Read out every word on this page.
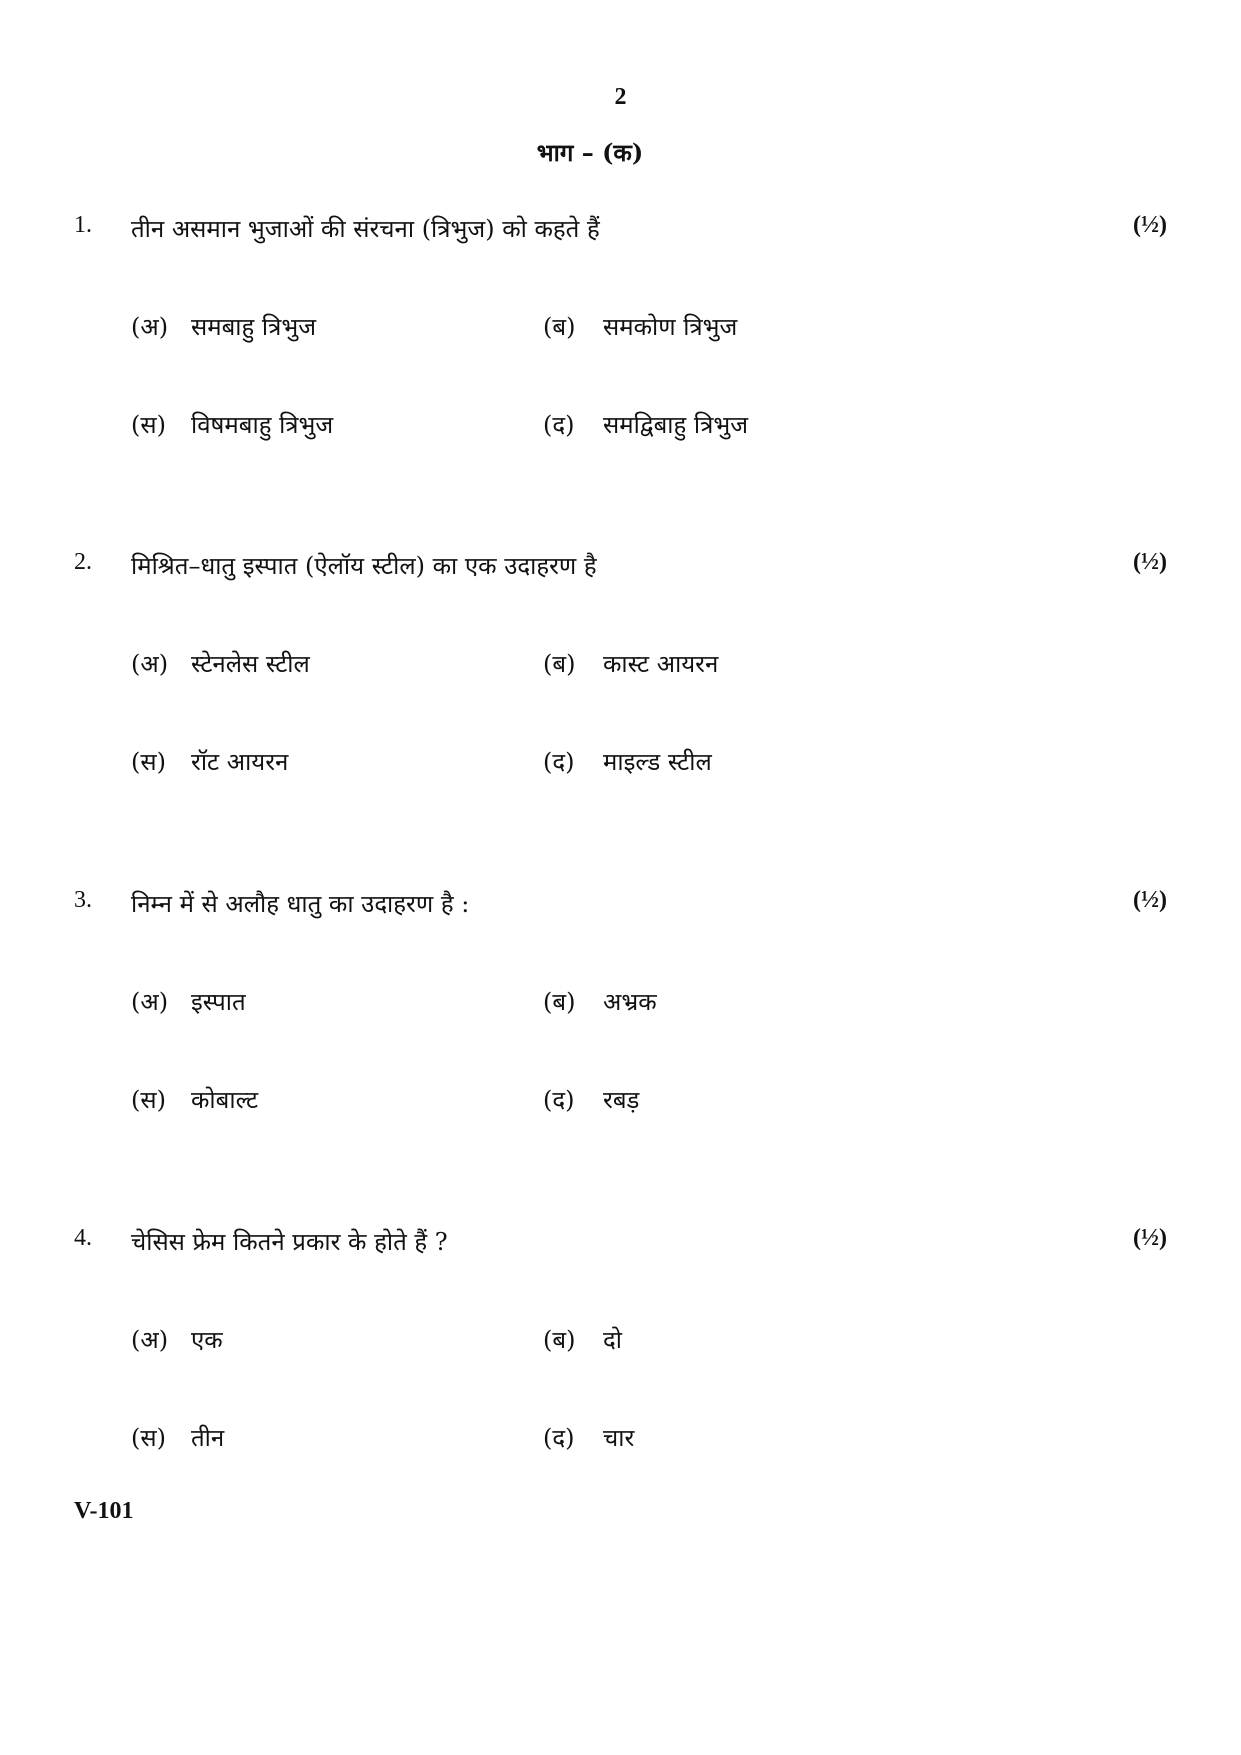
2
भाग – (क)
1. तीन असमान भुजाओं की संरचना (त्रिभुज) को कहते हैं	(½)
(अ) समबाहु त्रिभुज	(ब) समकोण त्रिभुज
(स) विषमबाहु त्रिभुज	(द) समद्विबाहु त्रिभुज
2. मिश्रित–धातु इस्पात (ऐलॉय स्टील) का एक उदाहरण है	(½)
(अ) स्टेनलेस स्टील	(ब) कास्ट आयरन
(स) रॉट आयरन	(द) माइल्ड स्टील
3. निम्न में से अलौह धातु का उदाहरण है :	(½)
(अ) इस्पात	(ब) अभ्रक
(स) कोबाल्ट	(द) रबड़
4. चेसिस फ्रेम कितने प्रकार के होते हैं ?	(½)
(अ) एक	(ब) दो
(स) तीन	(द) चार
V-101
